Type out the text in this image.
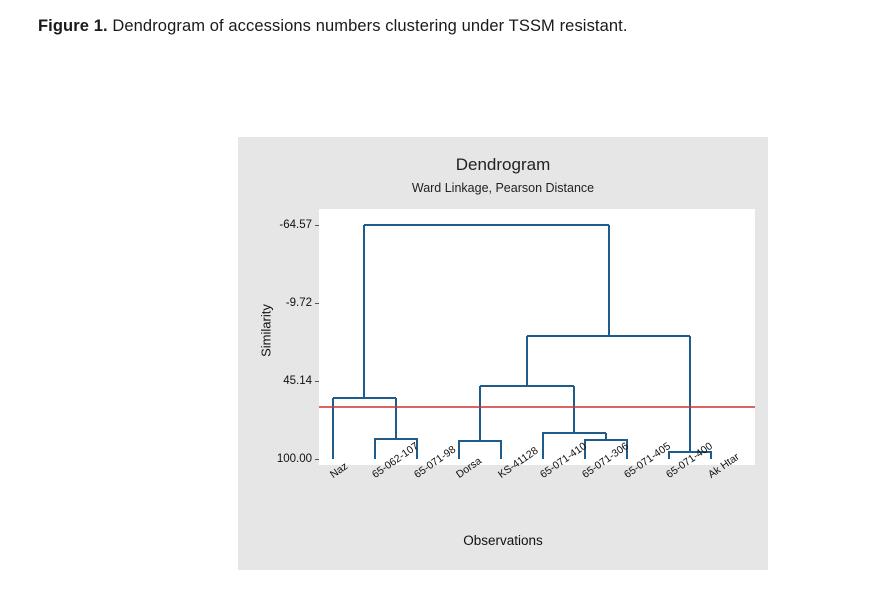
Figure 1. Dendrogram of accessions numbers clustering under TSSM resistant.
Dendrogram
Ward Linkage, Pearson Distance
Similarity
Observations
-64.57
-9.72
45.14
100.00
Naz 65-062-107
65-071-98
Dorsa KS-41128
65-071-410
65-071-306
65-071-405
65-071-400
Ak Htar
